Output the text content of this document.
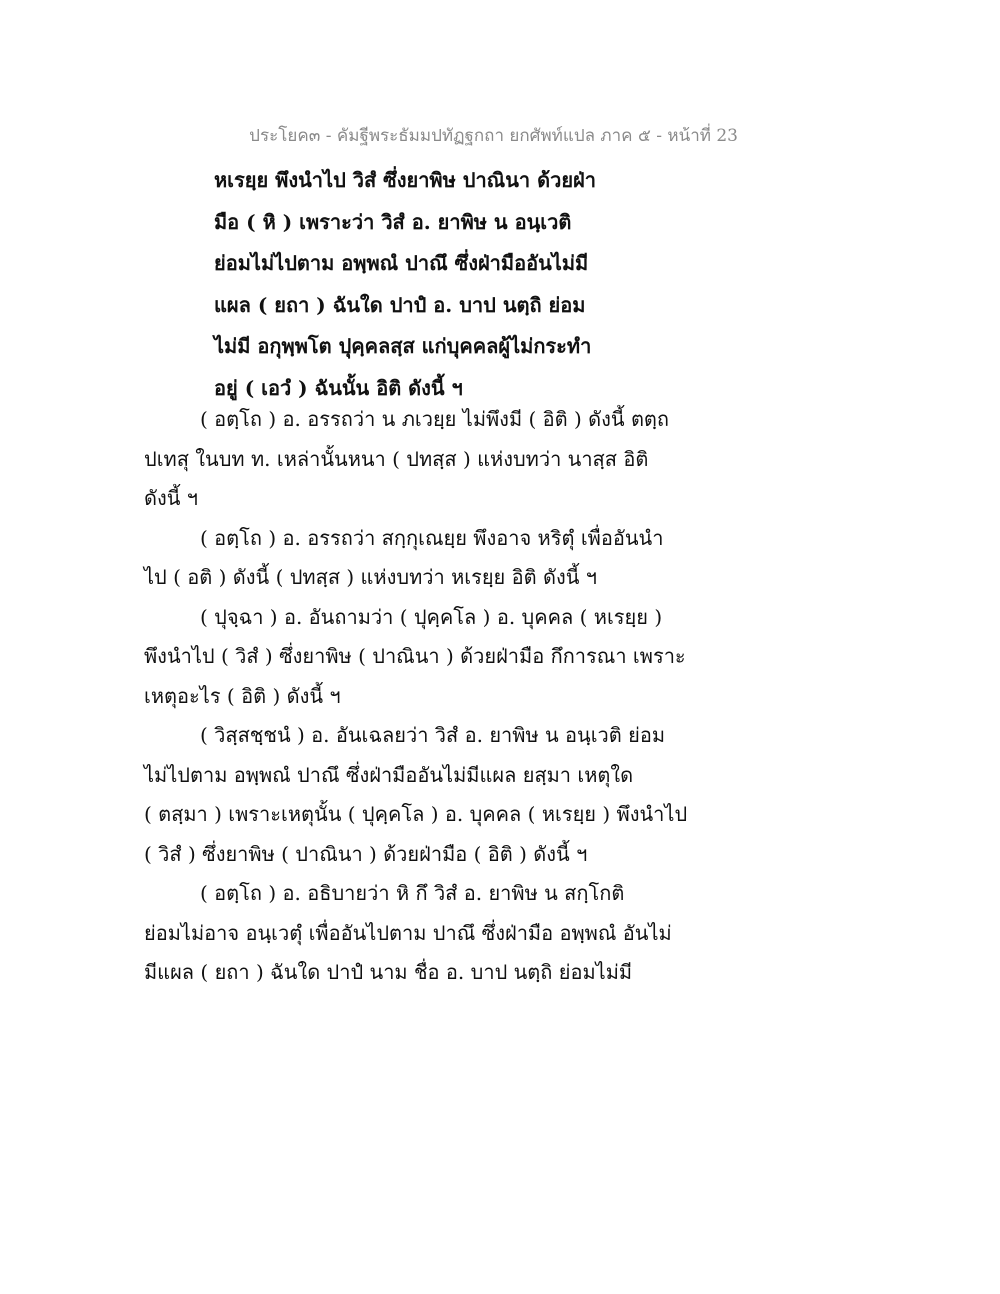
ประโยค๓ - คัมฐีพระธัมมปทัฏฐกถา ยกศัพท์แปล ภาค ๕ - หน้าที่ 23
หเรยฺย พึงนำไป วิสํ ซึ่งยาพิษ ปาณินา ด้วยฝ่า
มือ ( หิ ) เพราะว่า วิสํ อ. ยาพิษ น อนฺเวติ
ย่อมไม่ไปตาม อพฺพณํ ปาณึ ซึ่งฝ่ามืออันไม่มี
แผล ( ยถา ) ฉันใด ปาปํ อ. บาป นตฺถิ ย่อม
ไม่มี อกุพฺพโต ปุคฺคลสฺส แก่บุคคลผู้ไม่กระทำ
อยู่ ( เอวํ ) ฉันนั้น อิติ ดังนี้ ฯ
( อตฺโถ ) อ. อรรถว่า น ภเวยฺย ไม่พึงมี ( อิติ ) ดังนี้ ตตฺถ
ปเทสุ ในบท ท. เหล่านั้นหนา ( ปทสฺส ) แห่งบทว่า นาสฺส อิติ
ดังนี้ ฯ
( อตฺโถ ) อ. อรรถว่า สกฺกุเณยฺย พึงอาจ หริตุํ เพื่ออันนำ
ไป ( อติ ) ดังนี้ ( ปทสฺส ) แห่งบทว่า หเรยฺย อิติ ดังนี้ ฯ
( ปุจฺฉา ) อ. อันถามว่า ( ปุคฺคโล ) อ. บุคคล ( หเรยฺย )
พึงนำไป ( วิสํ ) ซึ่งยาพิษ ( ปาณินา ) ด้วยฝ่ามือ กึการณา เพราะ
เหตุอะไร ( อิติ ) ดังนี้ ฯ
( วิสฺสชฺชนํ ) อ. อันเฉลยว่า วิสํ อ. ยาพิษ น อนฺเวติ ย่อม
ไม่ไปตาม อพฺพณํ ปาณึ ซึ่งฝ่ามืออันไม่มีแผล ยสฺมา เหตุใด
( ตสฺมา ) เพราะเหตุนั้น ( ปุคฺคโล ) อ. บุคคล ( หเรยฺย ) พึงนำไป
( วิสํ ) ซึ่งยาพิษ ( ปาณินา ) ด้วยฝ่ามือ ( อิติ ) ดังนี้ ฯ
( อตฺโถ ) อ. อธิบายว่า หิ กึ วิสํ อ. ยาพิษ น สกฺโกติ
ย่อมไม่อาจ อนฺเวตุํ เพื่ออันไปตาม ปาณึ ซึ่งฝ่ามือ อพฺพณํ อันไม่
มีแผล ( ยถา ) ฉันใด ปาปํ นาม ชื่อ อ. บาป นตฺถิ ย่อมไม่มี
